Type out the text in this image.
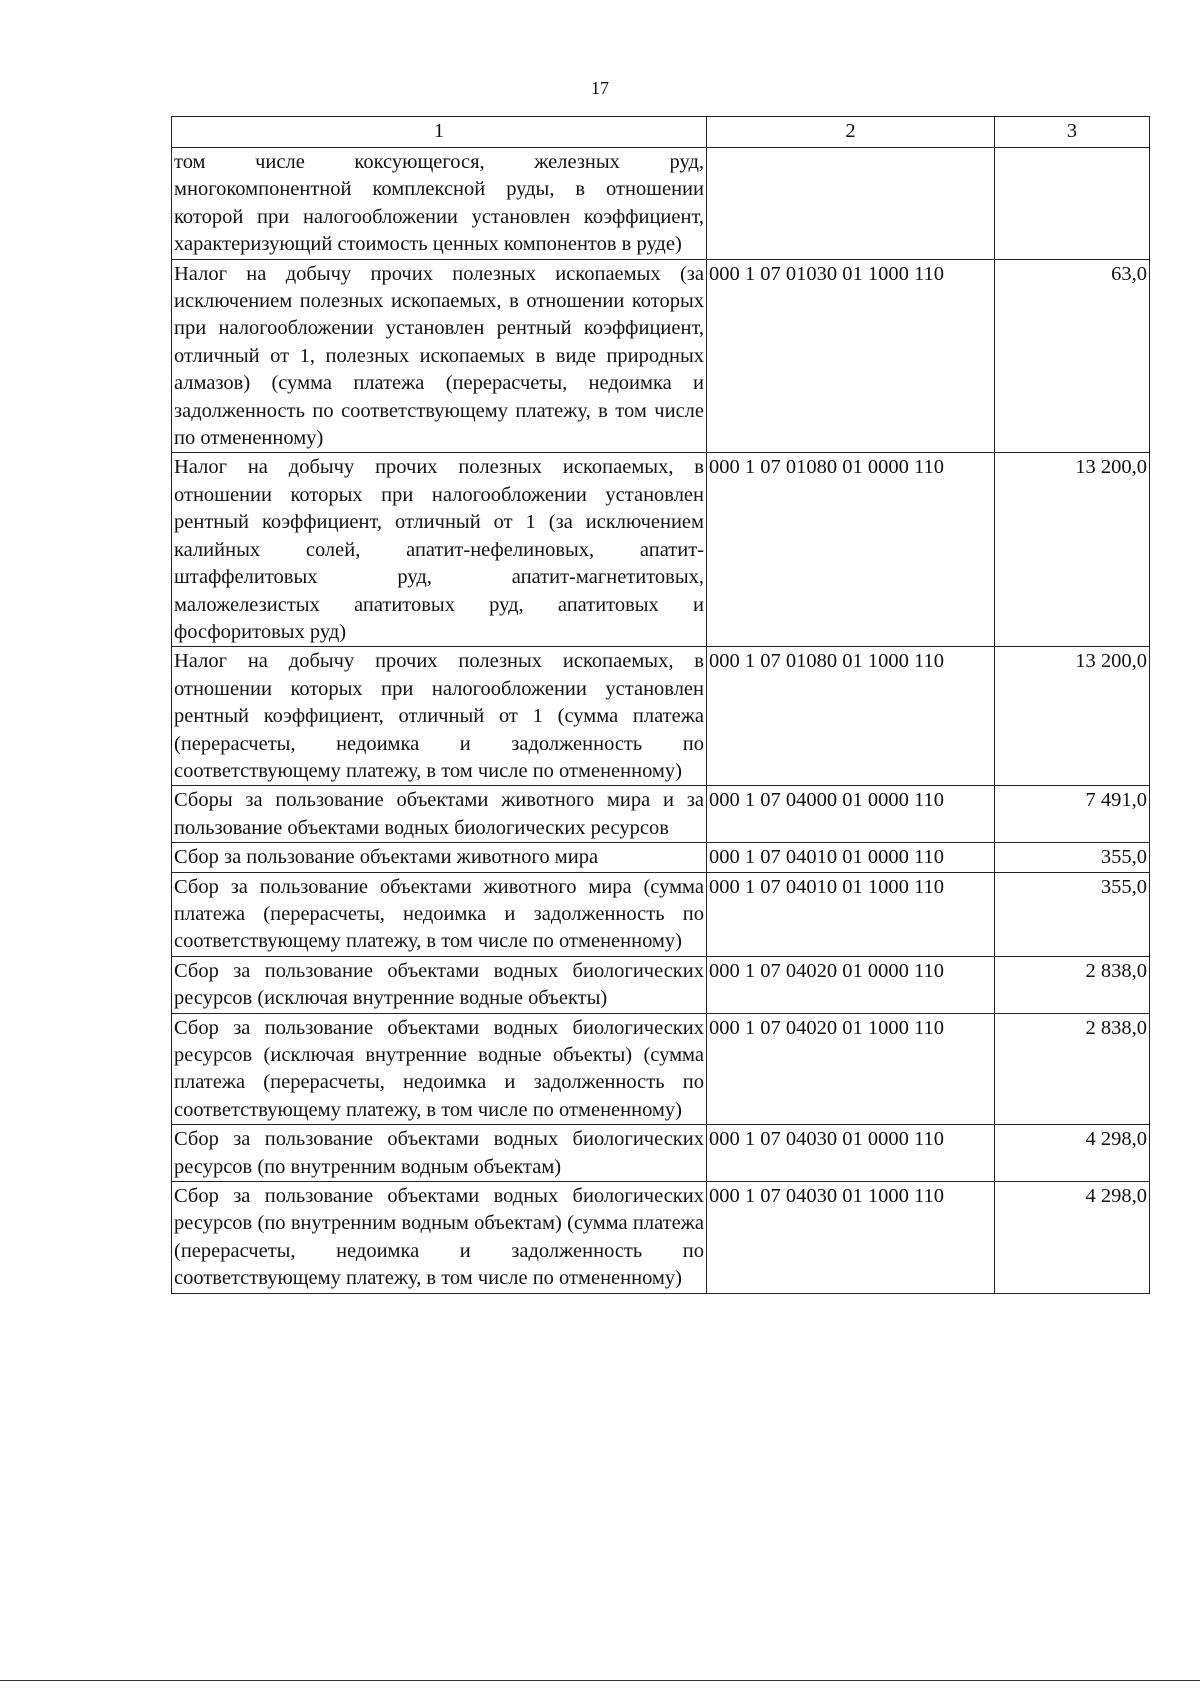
17
1	2	3
том числе коксующегося, железных руд, многокомпонентной комплексной руды, в отношении которой при налогообложении установлен коэффициент, характеризующий стоимость ценных компонентов в руде)		
Налог на добычу прочих полезных ископаемых (за исключением полезных ископаемых, в отношении которых при налогообложении установлен рентный коэффициент, отличный от 1, полезных ископаемых в виде природных алмазов) (сумма платежа (перерасчеты, недоимка и задолженность по соответствующему платежу, в том числе по отмененному)	000 1 07 01030 01 1000 110	63,0
Налог на добычу прочих полезных ископаемых, в отношении которых при налогообложении установлен рентный коэффициент, отличный от 1 (за исключением калийных солей, апатит-нефелиновых, апатит-штаффелитовых руд, апатит-магнетитовых, маложелезистых апатитовых руд, апатитовых и фосфоритовых руд)	000 1 07 01080 01 0000 110	13 200,0
Налог на добычу прочих полезных ископаемых, в отношении которых при налогообложении установлен рентный коэффициент, отличный от 1 (сумма платежа (перерасчеты, недоимка и задолженность по соответствующему платежу, в том числе по отмененному)	000 1 07 01080 01 1000 110	13 200,0
Сборы за пользование объектами животного мира и за пользование объектами водных биологических ресурсов	000 1 07 04000 01 0000 110	7 491,0
Сбор за пользование объектами животного мира	000 1 07 04010 01 0000 110	355,0
Сбор за пользование объектами животного мира (сумма платежа (перерасчеты, недоимка и задолженность по соответствующему платежу, в том числе по отмененному)	000 1 07 04010 01 1000 110	355,0
Сбор за пользование объектами водных биологических ресурсов (исключая внутренние водные объекты)	000 1 07 04020 01 0000 110	2 838,0
Сбор за пользование объектами водных биологических ресурсов (исключая внутренние водные объекты) (сумма платежа (перерасчеты, недоимка и задолженность по соответствующему платежу, в том числе по отмененному)	000 1 07 04020 01 1000 110	2 838,0
Сбор за пользование объектами водных биологических ресурсов (по внутренним водным объектам)	000 1 07 04030 01 0000 110	4 298,0
Сбор за пользование объектами водных биологических ресурсов (по внутренним водным объектам) (сумма платежа (перерасчеты, недоимка и задолженность по соответствующему платежу, в том числе по отмененному)	000 1 07 04030 01 1000 110	4 298,0
